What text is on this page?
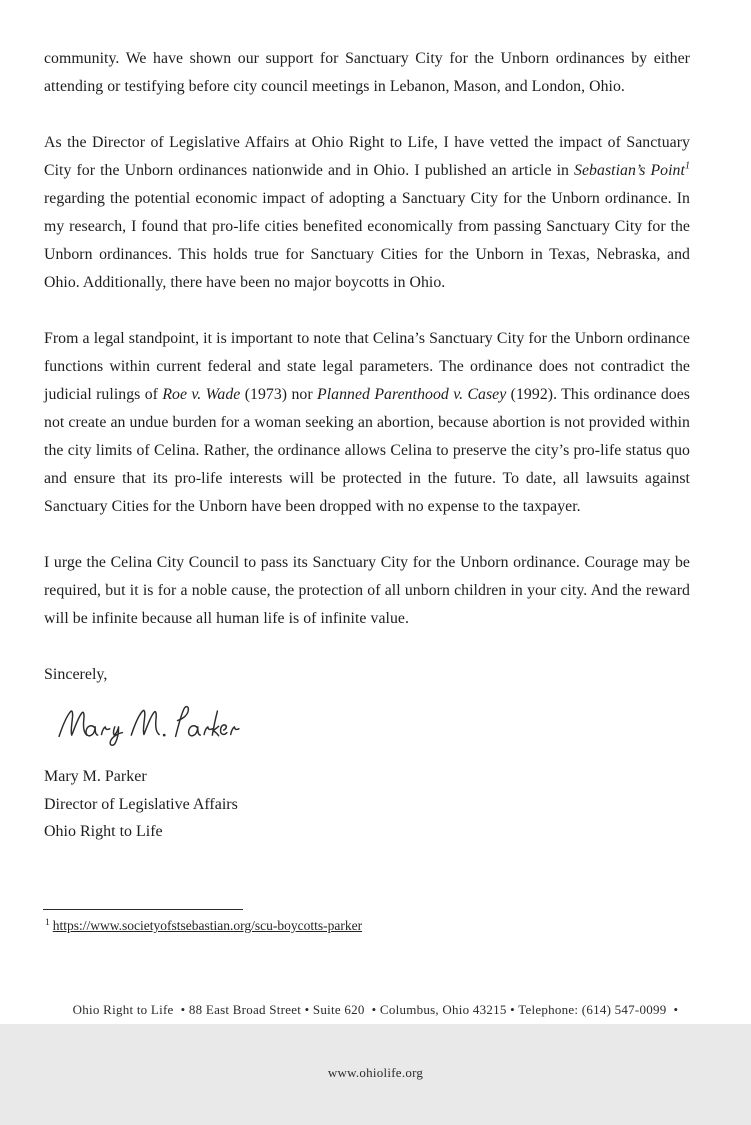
community. We have shown our support for Sanctuary City for the Unborn ordinances by either attending or testifying before city council meetings in Lebanon, Mason, and London, Ohio.

As the Director of Legislative Affairs at Ohio Right to Life, I have vetted the impact of Sanctuary City for the Unborn ordinances nationwide and in Ohio. I published an article in Sebastian’s Point$^1$ regarding the potential economic impact of adopting a Sanctuary City for the Unborn ordinance. In my research, I found that pro-life cities benefited economically from passing Sanctuary City for the Unborn ordinances. This holds true for Sanctuary Cities for the Unborn in Texas, Nebraska, and Ohio. Additionally, there have been no major boycotts in Ohio.

From a legal standpoint, it is important to note that Celina’s Sanctuary City for the Unborn ordinance functions within current federal and state legal parameters. The ordinance does not contradict the judicial rulings of Roe v. Wade (1973) nor Planned Parenthood v. Casey (1992). This ordinance does not create an undue burden for a woman seeking an abortion, because abortion is not provided within the city limits of Celina. Rather, the ordinance allows Celina to preserve the city’s pro-life status quo and ensure that its pro-life interests will be protected in the future. To date, all lawsuits against Sanctuary Cities for the Unborn have been dropped with no expense to the taxpayer.

I urge the Celina City Council to pass its Sanctuary City for the Unborn ordinance. Courage may be required, but it is for a noble cause, the protection of all unborn children in your city. And the reward will be infinite because all human life is of infinite value.

Sincerely,

Mary M. Parker
Director of Legislative Affairs
Ohio Right to Life
$^1$ https://www.societyofstsebastian.org/scu-boycotts-parker

Ohio Right to Life  • 88 East Broad Street • Suite 620  • Columbus, Ohio 43215 • Telephone: (614) 547-0099  •

www.ohiolife.org
